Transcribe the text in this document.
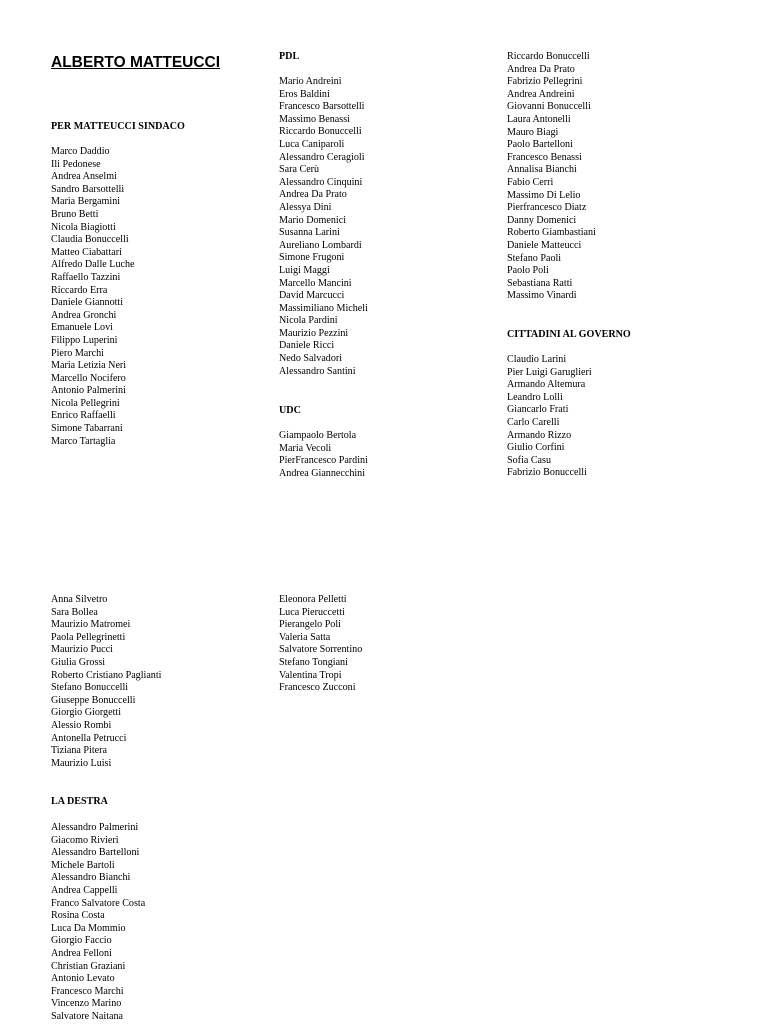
ALBERTO MATTEUCCI
PER MATTEUCCI SINDACO
Marco Daddio
Ili Pedonese
Andrea Anselmi
Sandro Barsottelli
Maria Bergamini
Bruno Betti
Nicola Biagiotti
Claudia Bonuccelli
Matteo Ciabattari
Alfredo Dalle Luche
Raffaello Tazzini
Riccardo Erra
Daniele Giannotti
Andrea Gronchi
Emanuele Lovi
Filippo Luperini
Piero Marchi
Maria Letizia Neri
Marcello Nocifero
Antonio Palmerini
Nicola Pellegrini
Enrico Raffaelli
Simone Tabarrani
Marco Tartaglia
PDL
Mario Andreini
Eros Baldini
Francesco Barsottelli
Massimo Benassi
Riccardo Bonuccelli
Luca Caniparoli
Alessandro Ceragioli
Sara Cerù
Alessandro Cinquini
Andrea Da Prato
Alessya Dini
Mario Domenici
Susanna Larini
Aureliano Lombardi
Simone Frugoni
Luigi Maggi
Marcello Mancini
David Marcucci
Massimiliano Micheli
Nicola Pardini
Maurizio Pezzini
Daniele Ricci
Nedo Salvadori
Alessandro Santini
Riccardo Bonuccelli
Andrea Da Prato
Fabrizio Pellegrini
Andrea Andreini
Giovanni Bonuccelli
Laura Antonelli
Mauro Biagi
Paolo Bartelloni
Francesco Benassi
Annalisa Bianchi
Fabio Cerri
Massimo Di Lelio
Pierfrancesco Diatz
Danny Domenici
Roberto Giambastiani
Daniele Matteucci
Stefano Paoli
Paolo Poli
Sebastiana Ratti
Massimo Vinardi
UDC
Giampaolo Bertola
Maria Vecoli
PierFrancesco Pardini
Andrea Giannecchini
CITTADINI AL GOVERNO
Claudio Larini
Pier Luigi Garuglieri
Armando Altemura
Leandro Lolli
Giancarlo Frati
Carlo Carelli
Armando Rizzo
Giulio Corfini
Sofia Casu
Fabrizio Bonuccelli
Anna Silvetro
Sara Bollea
Maurizio Matromei
Paola Pellegrinetti
Maurizio Pucci
Giulia Grossi
Roberto Cristiano Paglianti
Stefano Bonuccelli
Giuseppe Bonuccelli
Giorgio Giorgetti
Alessio Rombi
Antonella Petrucci
Tiziana Pitera
Maurizio Luisi
Eleonora Pelletti
Luca Pieruccetti
Pierangelo Poli
Valeria Satta
Salvatore Sorrentino
Stefano Tongiani
Valentina Tropi
Francesco Zucconi
LA DESTRA
Alessandro Palmerini
Giacomo Rivieri
Alessandro Bartelloni
Michele Bartoli
Alessandro Bianchi
Andrea Cappelli
Franco Salvatore Costa
Rosina Costa
Luca Da Mommio
Giorgio Faccio
Andrea Felloni
Christian Graziani
Antonio Levato
Francesco Marchi
Vincenzo Marino
Salvatore Naitana
